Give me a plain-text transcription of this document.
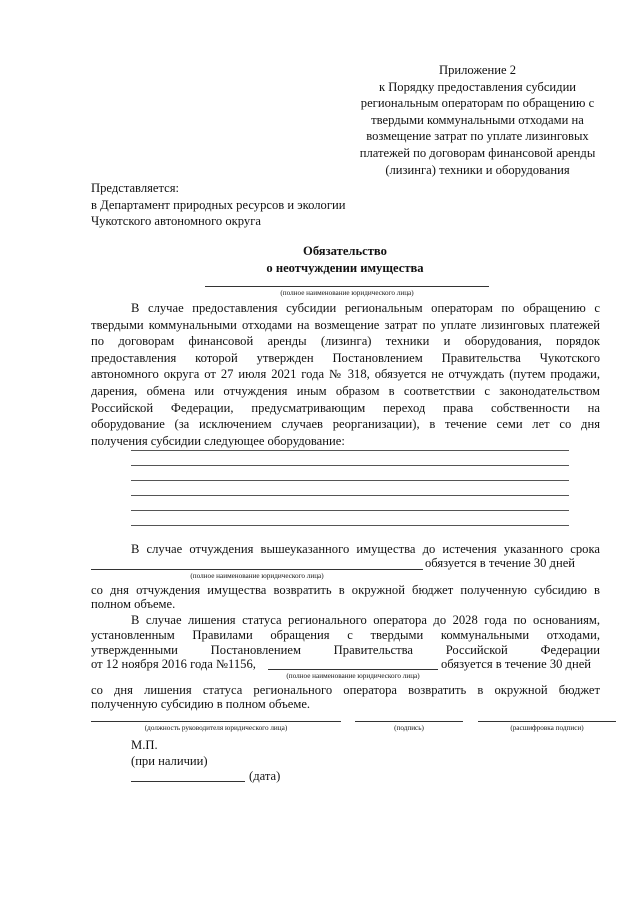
Приложение 2
к Порядку предоставления субсидии
региональным операторам по обращению с
твердыми коммунальными отходами на
возмещение затрат по уплате лизинговых
платежей по договорам финансовой аренды
(лизинга) техники и оборудования
Представляется:
в Департамент природных ресурсов и экологии
Чукотского автономного округа
Обязательство
о неотчуждении имущества
(полное наименование юридического лица)

В случае предоставления субсидии региональным операторам по обращению с

твердыми коммунальными отходами на возмещение затрат по уплате лизинговых платежей

по договорам финансовой аренды (лизинга) техники и оборудования, порядок

предоставления которой утвержден Постановлением Правительства Чукотского

автономного округа от 27 июля 2021 года № 318, обязуется не отчуждать (путем продажи,

дарения, обмена или отчуждения иным образом в соответствии с законодательством

Российской Федерации, предусматривающим переход права собственности на

оборудование (за исключением случаев реорганизации), в течение семи лет со дня

получения субсидии следующее оборудование:

В случае отчуждения вышеуказанного имущества до истечения указанного срока
обязуется в течение 30 дней
(полное наименование юридического лица)
со дня отчуждения имущества возвратить в окружной бюджет полученную субсидию в
полном объеме.
В случае лишения статуса регионального оператора до 2028 года по основаниям,
установленным Правилами обращения с твердыми коммунальными отходами,
утвержденными Постановлением Правительства Российской Федерации
от 12 ноября 2016 года №1156,	обязуется в течение 30 дней
(полное наименование юридического лица)
со дня лишения статуса регионального оператора возвратить в окружной бюджет
полученную субсидию в полном объеме.
(должность руководителя юридического лица)	(подпись)	(расшифровка подписи)
М.П.
(при наличии)
(дата)
